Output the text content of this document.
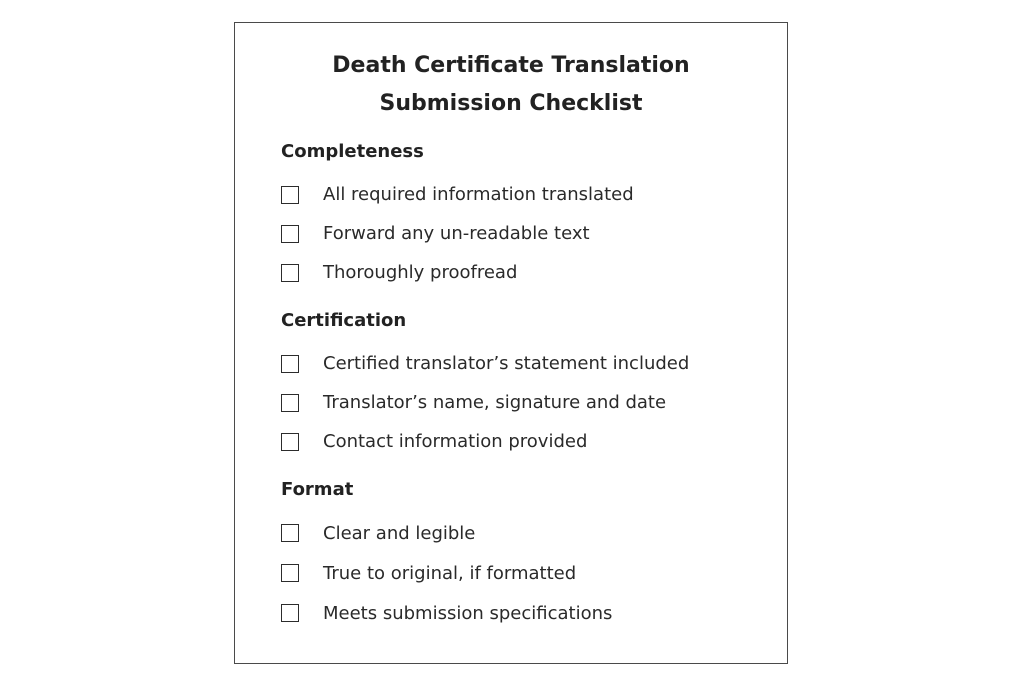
Death Certificate Translation
Submission Checklist
Completeness
All required information translated
Forward any un-readable text
Thoroughly proofread
Certification
Certified translator’s statement included
Translator’s name, signature and date
Contact information provided
Format
Clear and legible
True to original, if formatted
Meets submission specifications
